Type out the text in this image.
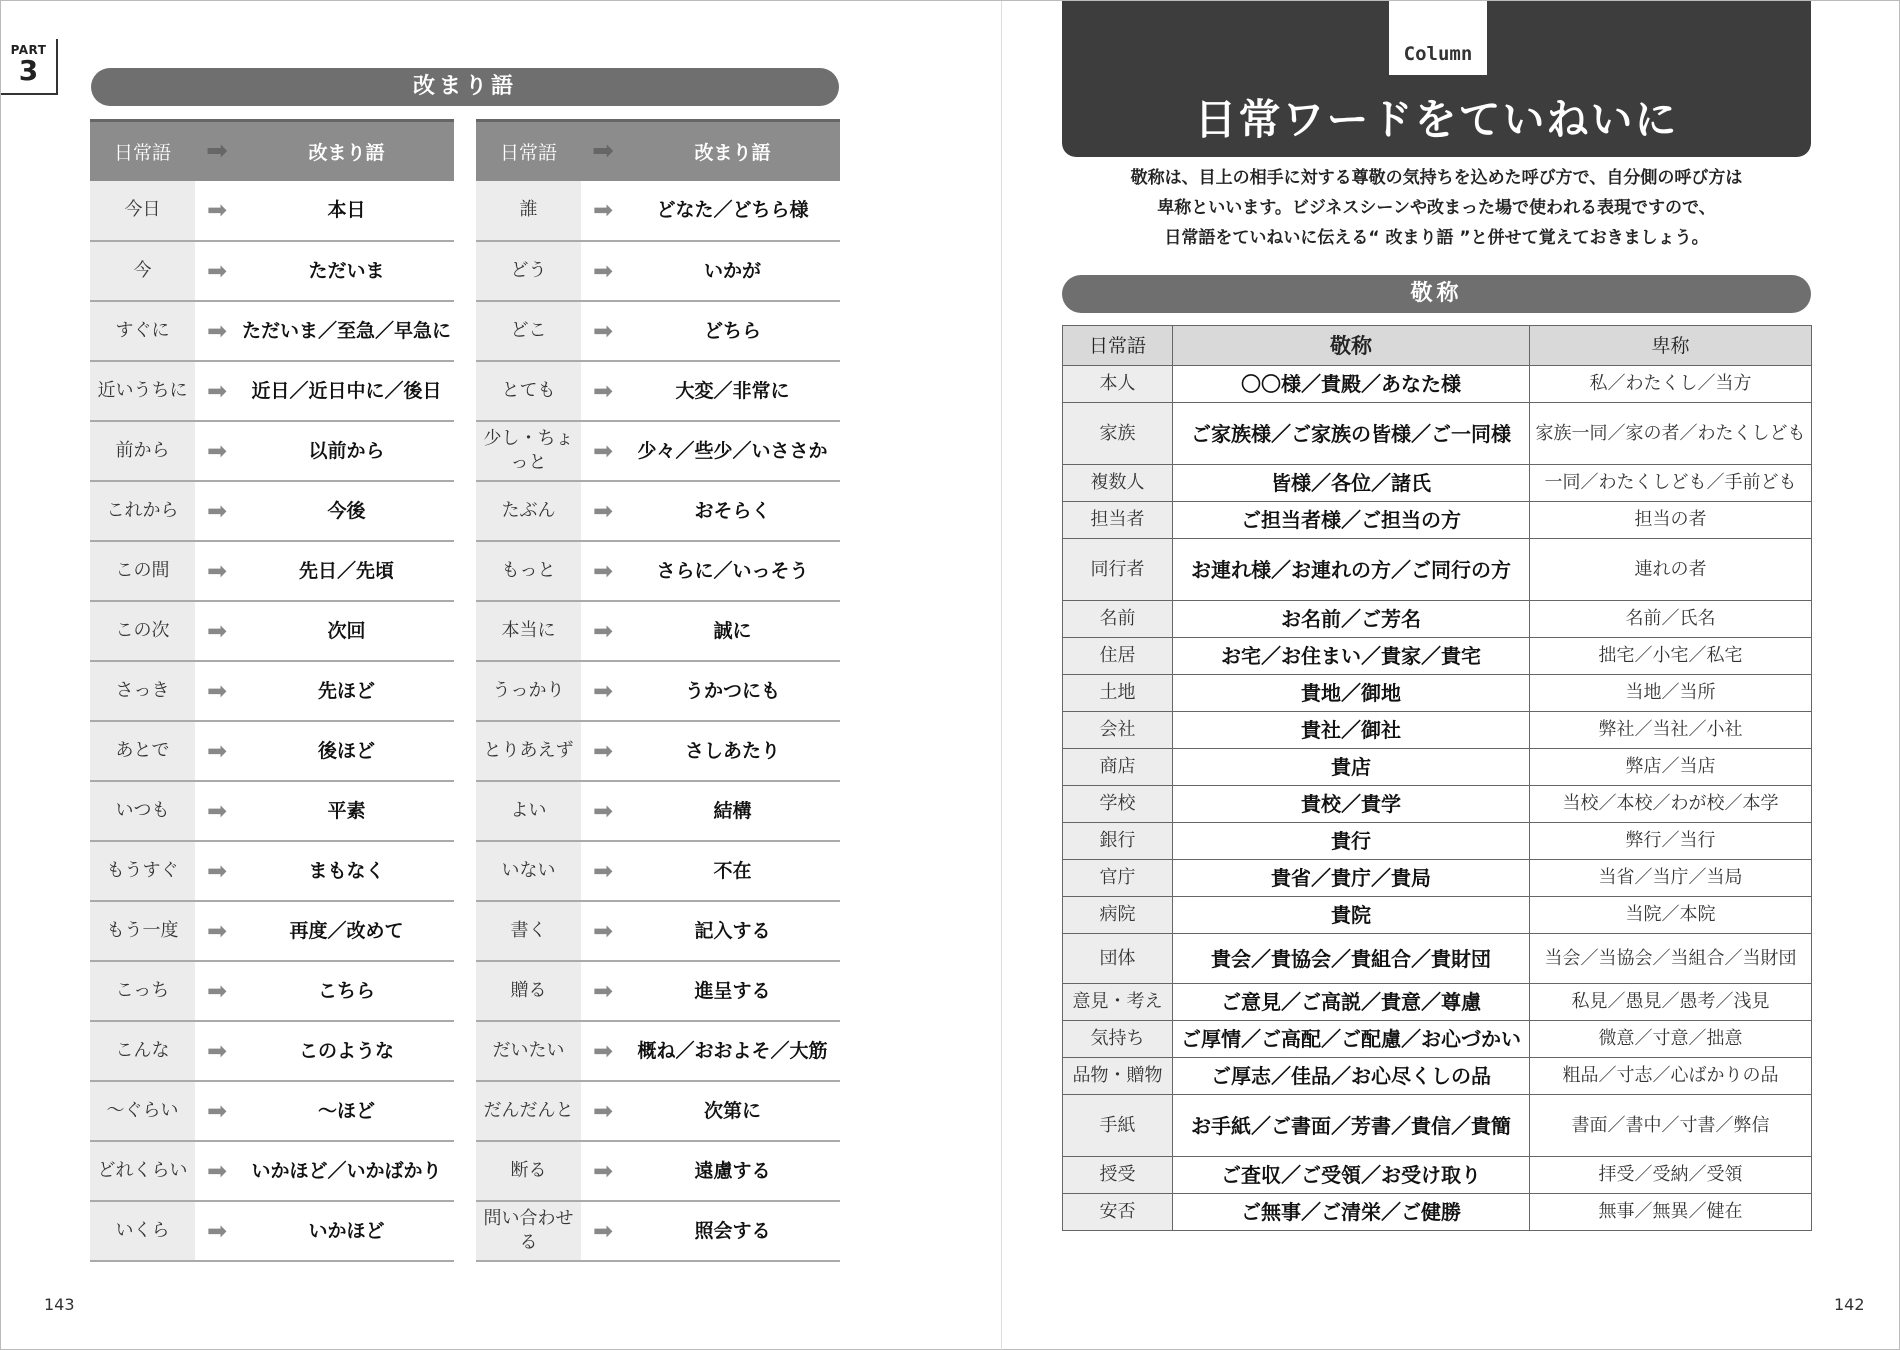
PART
3	改まり語
日常語	➡	改まり語
今日	➡	本日
今	➡	ただいま
すぐに	➡	ただいま／至急／早急に
近いうちに	➡	近日／近日中に／後日
前から	➡	以前から
これから	➡	今後
この間	➡	先日／先頃
この次	➡	次回
さっき	➡	先ほど
あとで	➡	後ほど
いつも	➡	平素
もうすぐ	➡	まもなく
もう一度	➡	再度／改めて
こっち	➡	こちら
こんな	➡	このような
〜ぐらい	➡	〜ほど
どれくらい	➡	いかほど／いかばかり
いくら	➡	いかほど
日常語	➡	改まり語
誰	➡	どなた／どちら様
どう	➡	いかが
どこ	➡	どちら
とても	➡	大変／非常に
少し・ちょっと	➡	少々／些少／いささか
たぶん	➡	おそらく
もっと	➡	さらに／いっそう
本当に	➡	誠に
うっかり	➡	うかつにも
とりあえず	➡	さしあたり
よい	➡	結構
いない	➡	不在
書く	➡	記入する
贈る	➡	進呈する
だいたい	➡	概ね／おおよそ／大筋
だんだんと	➡	次第に
断る	➡	遠慮する
問い合わせる	➡	照会する
Column
日常ワードをていねいに

敬称は、目上の相手に対する尊敬の気持ちを込めた呼び方で、自分側の呼び方は

卑称といいます。ビジネスシーンや改まった場で使われる表現ですので、

日常語をていねいに伝える“ 改まり語 ”と併せて覚えておきましょう。

敬称
日常語	敬称	卑称
本人	〇〇様／貴殿／あなた様	私／わたくし／当方
家族	ご家族様／ご家族の皆様／ご一同様	家族一同／家の者／わたくしども
複数人	皆様／各位／諸氏	一同／わたくしども／手前ども
担当者	ご担当者様／ご担当の方	担当の者
同行者	お連れ様／お連れの方／ご同行の方	連れの者
名前	お名前／ご芳名	名前／氏名
住居	お宅／お住まい／貴家／貴宅	拙宅／小宅／私宅
土地	貴地／御地	当地／当所
会社	貴社／御社	弊社／当社／小社
商店	貴店	弊店／当店
学校	貴校／貴学	当校／本校／わが校／本学
銀行	貴行	弊行／当行
官庁	貴省／貴庁／貴局	当省／当庁／当局
病院	貴院	当院／本院
団体	貴会／貴協会／貴組合／貴財団	当会／当協会／当組合／当財団
意見・考え	ご意見／ご高説／貴意／尊慮	私見／愚見／愚考／浅見
気持ち	ご厚情／ご高配／ご配慮／お心づかい	微意／寸意／拙意
品物・贈物	ご厚志／佳品／お心尽くしの品	粗品／寸志／心ばかりの品
手紙	お手紙／ご書面／芳書／貴信／貴簡	書面／書中／寸書／弊信
授受	ご査収／ご受領／お受け取り	拝受／受納／受領
安否	ご無事／ご清栄／ご健勝	無事／無異／健在
143	142
